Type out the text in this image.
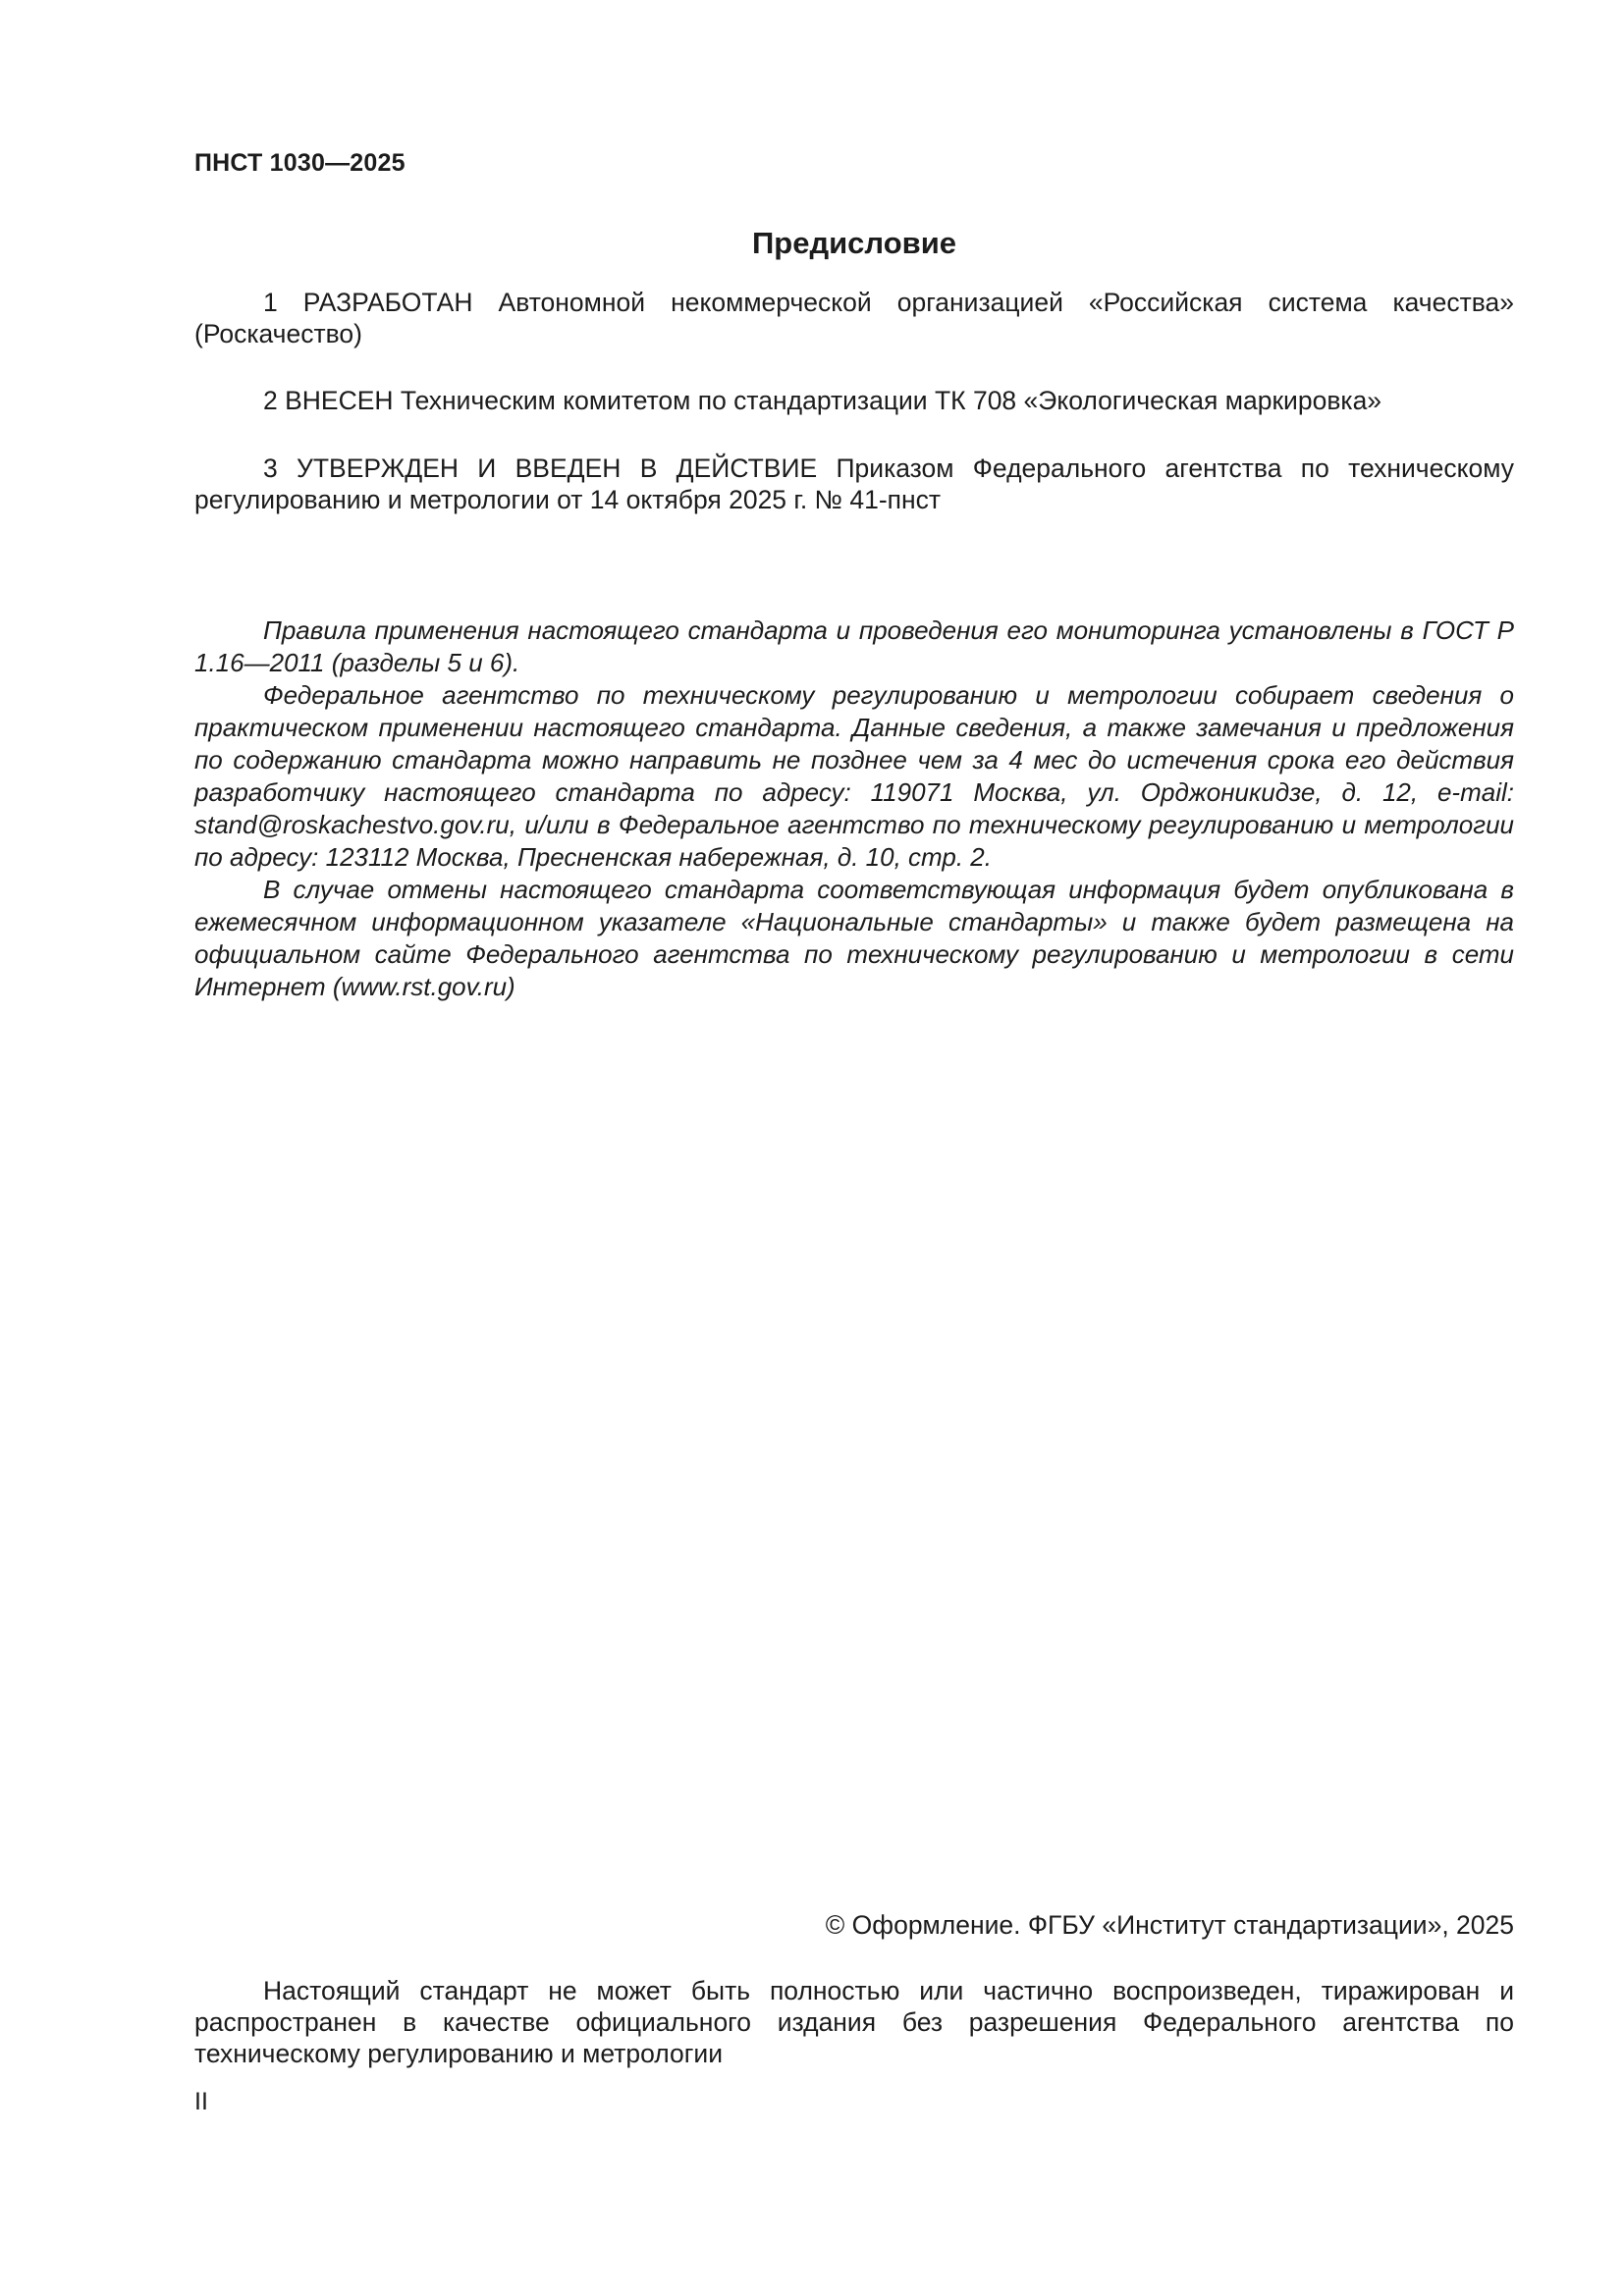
ПНСТ 1030—2025
Предисловие

1 РАЗРАБОТАН Автономной некоммерческой организацией «Российская система качества» (Роскачество)

2 ВНЕСЕН Техническим комитетом по стандартизации ТК 708 «Экологическая маркировка»

3 УТВЕРЖДЕН И ВВЕДЕН В ДЕЙСТВИЕ Приказом Федерального агентства по техническому регулированию и метрологии от 14 октября 2025 г. № 41-пнст

Правила применения настоящего стандарта и проведения его мониторинга установлены в ГОСТ Р 1.16—2011 (разделы 5 и 6).

Федеральное агентство по техническому регулированию и метрологии собирает сведения о практическом применении настоящего стандарта. Данные сведения, а также замечания и предложения по содержанию стандарта можно направить не позднее чем за 4 мес до истечения срока его действия разработчику настоящего стандарта по адресу: 119071 Москва, ул. Орджоникидзе, д. 12, e-mail: stand@roskachestvo.gov.ru, и/или в Федеральное агентство по техническому регулированию и метрологии по адресу: 123112 Москва, Пресненская набережная, д. 10, стр. 2.

В случае отмены настоящего стандарта соответствующая информация будет опубликована в ежемесячном информационном указателе «Национальные стандарты» и также будет размещена на официальном сайте Федерального агентства по техническому регулированию и метрологии в сети Интернет (www.rst.gov.ru)

© Оформление. ФГБУ «Институт стандартизации», 2025

Настоящий стандарт не может быть полностью или частично воспроизведен, тиражирован и распространен в качестве официального издания без разрешения Федерального агентства по техническому регулированию и метрологии

II
